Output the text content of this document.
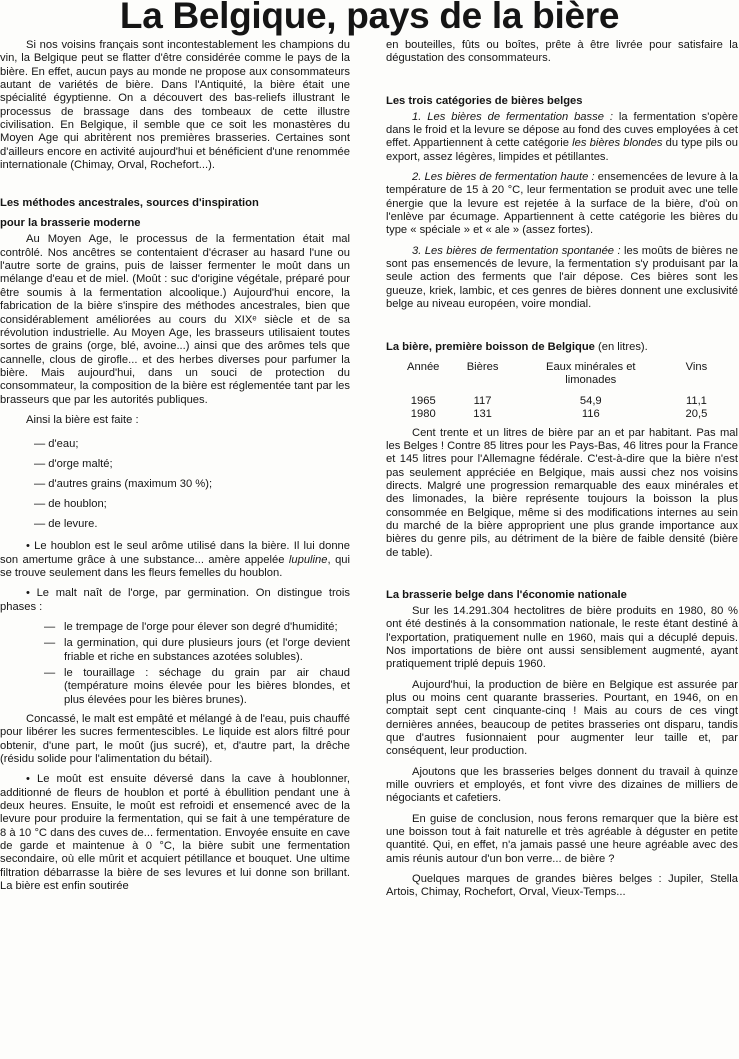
La Belgique, pays de la bière

Si nos voisins français sont incontestablement les champions du vin, la Belgique peut se flatter d'être considérée comme le pays de la bière. En effet, aucun pays au monde ne propose aux consommateurs autant de variétés de bière. Dans l'Antiquité, la bière était une spécialité égyptienne. On a découvert des bas-reliefs illustrant le processus de brassage dans des tombeaux de cette illustre civilisation. En Belgique, il semble que ce soit les monastères du Moyen Age qui abritèrent nos premières brasseries. Certaines sont d'ailleurs encore en activité aujourd'hui et bénéficient d'une renommée internationale (Chimay, Orval, Rochefort...).

Les méthodes ancestrales, sources d'inspiration
pour la brasserie moderne

Au Moyen Age, le processus de la fermentation était mal contrôlé. Nos ancêtres se contentaient d'écraser au hasard l'une ou l'autre sorte de grains, puis de laisser fermenter le moût dans un mélange d'eau et de miel. (Moût : suc d'origine végétale, préparé pour être soumis à la fermentation alcoolique.) Aujourd'hui encore, la fabrication de la bière s'inspire des méthodes ancestrales, bien que considérablement améliorées au cours du XIXᵉ siècle et de sa révolution industrielle. Au Moyen Age, les brasseurs utilisaient toutes sortes de grains (orge, blé, avoine...) ainsi que des arômes tels que cannelle, clous de girofle... et des herbes diverses pour parfumer la bière. Mais aujourd'hui, dans un souci de protection du consommateur, la composition de la bière est réglementée tant par les brasseurs que par les autorités publiques.

Ainsi la bière est faite :

— d'eau;
— d'orge malté;
— d'autres grains (maximum 30 %);
— de houblon;
— de levure.

• Le houblon est le seul arôme utilisé dans la bière. Il lui donne son amertume grâce à une substance... amère appelée lupuline, qui se trouve seulement dans les fleurs femelles du houblon.

• Le malt naît de l'orge, par germination. On distingue trois phases :

— le trempage de l'orge pour élever son degré d'humidité;
— la germination, qui dure plusieurs jours (et l'orge devient friable et riche en substances azotées solubles).
— le touraillage : séchage du grain par air chaud (température moins élevée pour les bières blondes, et plus élevées pour les bières brunes).

Concassé, le malt est empâté et mélangé à de l'eau, puis chauffé pour libérer les sucres fermentescibles. Le liquide est alors filtré pour obtenir, d'une part, le moût (jus sucré), et, d'autre part, la drêche (résidu solide pour l'alimentation du bétail).

• Le moût est ensuite déversé dans la cave à houblonner, additionné de fleurs de houblon et porté à ébullition pendant une à deux heures. Ensuite, le moût est refroidi et ensemencé avec de la levure pour produire la fermentation, qui se fait à une température de 8 à 10 °C dans des cuves de... fermentation. Envoyée ensuite en cave de garde et maintenue à 0 °C, la bière subit une fermentation secondaire, où elle mûrit et acquiert pétillance et bouquet. Une ultime filtration débarrasse la bière de ses levures et lui donne son brillant. La bière est enfin soutirée

en bouteilles, fûts ou boîtes, prête à être livrée pour satisfaire la dégustation des consommateurs.

Les trois catégories de bières belges

1. Les bières de fermentation basse : la fermentation s'opère dans le froid et la levure se dépose au fond des cuves employées à cet effet. Appartiennent à cette catégorie les bières blondes du type pils ou export, assez légères, limpides et pétillantes.

2. Les bières de fermentation haute : ensemencées de levure à la température de 15 à 20 °C, leur fermentation se produit avec une telle énergie que la levure est rejetée à la surface de la bière, d'où on l'enlève par écumage. Appartiennent à cette catégorie les bières du type « spéciale » et « ale » (assez fortes).

3. Les bières de fermentation spontanée : les moûts de bières ne sont pas ensemencés de levure, la fermentation s'y produisant par la seule action des ferments que l'air dépose. Ces bières sont les gueuze, kriek, lambic, et ces genres de bières donnent une exclusivité belge au niveau européen, voire mondial.

La bière, première boisson de Belgique (en litres).
Année	Bières	Eaux minérales et limonades	Vins
1965	117	54,9	11,1
1980	131	116	20,5

Cent trente et un litres de bière par an et par habitant. Pas mal les Belges ! Contre 85 litres pour les Pays-Bas, 46 litres pour la France et 145 litres pour l'Allemagne fédérale. C'est-à-dire que la bière n'est pas seulement appréciée en Belgique, mais aussi chez nos voisins directs. Malgré une progression remarquable des eaux minérales et des limonades, la bière représente toujours la boisson la plus consommée en Belgique, même si des modifications internes au sein du marché de la bière approprient une plus grande importance aux bières du genre pils, au détriment de la bière de faible densité (bière de table).

La brasserie belge dans l'économie nationale

Sur les 14.291.304 hectolitres de bière produits en 1980, 80 % ont été destinés à la consommation nationale, le reste étant destiné à l'exportation, pratiquement nulle en 1960, mais qui a décuplé depuis. Nos importations de bière ont aussi sensiblement augmenté, ayant pratiquement triplé depuis 1960.

Aujourd'hui, la production de bière en Belgique est assurée par plus ou moins cent quarante brasseries. Pourtant, en 1946, on en comptait sept cent cinquante-cinq ! Mais au cours de ces vingt dernières années, beaucoup de petites brasseries ont disparu, tandis que d'autres fusionnaient pour augmenter leur taille et, par conséquent, leur production.

Ajoutons que les brasseries belges donnent du travail à quinze mille ouvriers et employés, et font vivre des dizaines de milliers de négociants et cafetiers.

En guise de conclusion, nous ferons remarquer que la bière est une boisson tout à fait naturelle et très agréable à déguster en petite quantité. Qui, en effet, n'a jamais passé une heure agréable avec des amis réunis autour d'un bon verre... de bière ?

Quelques marques de grandes bières belges : Jupiler, Stella Artois, Chimay, Rochefort, Orval, Vieux-Temps...
